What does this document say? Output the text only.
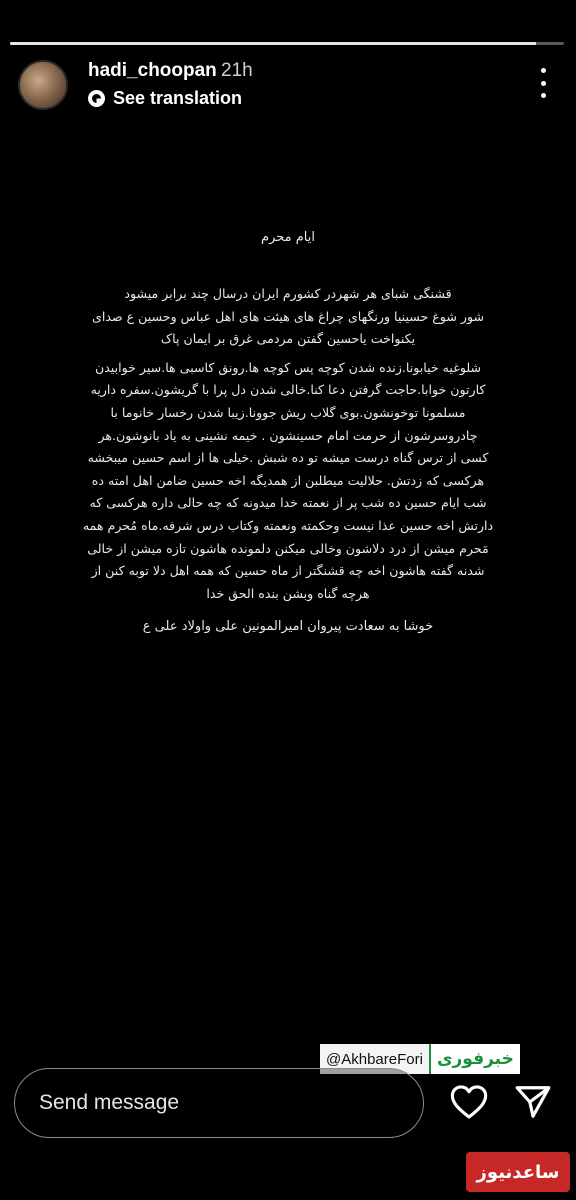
hadi_choopan 21h
See translation
ایام محرم
قشنگی شبای هر شهردر کشورم ایران درسال چند برابر میشود
شور شوغ حسینیا ورنگهای چراغ های هیئت های اهل عباس وحسین ع صدای
یکنواخت یاحسین گفتن مردمی غرق بر ایمان پاک
شلوغیه خیابونا.زنده شدن کوچه پس کوچه ها.رونق کاسبی ها.سیر خوابیدن
کارتون خوابا.حاجت گرفتن دعا کنا.خالی شدن دل پرا با گریشون.سفره داریه
مسلمونا توخونشون.بوی گلاب ریش جوونا.زیبا شدن رخسار خانوما با
چادروسرشون از حرمت امام حسینشون . خیمه نشینی به یاد بانوشون.هر
کسی از ترس گناه درست میشه تو ده شبش .خیلی ها از اسم حسین میبخشه
هرکسی که زدتش. حلالیت میطلبن از همدیگه اخه حسین ضامن اهل امته ده
شب ایام حسین ده شب پر از نعمته خدا میدونه که چه حالی داره هرکسی که
دارتش اخه حسین عذا نیست وحکمته ونعمته وکتاب درس شرفه.ماه مُحرم همه
مَحرم میشن از درد دلاشون وخالی میکنن دلمونده هاشون تازه میشن از خالی
شدنه گفته هاشون اخه چه قشنگتر از ماه حسین که همه اهل دلا توبه کنن از
هرچه گناه وبشن بنده الحق خدا
خوشا به سعادت پیروان امیرالمونین علی واولاد علی ع
@AkhbareFori خبرفوری
Send message
ساعدنیوز
